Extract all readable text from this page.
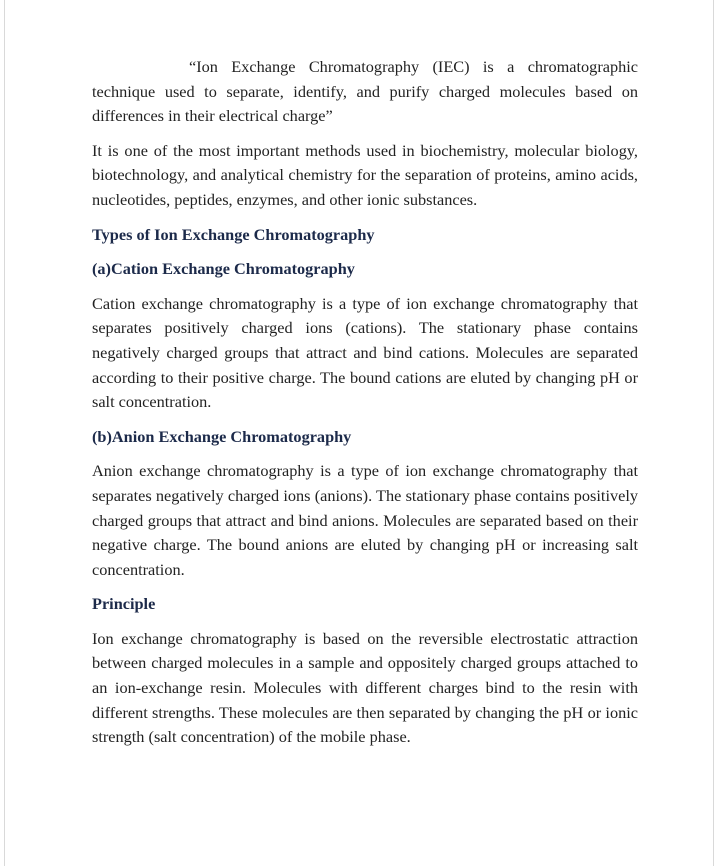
“Ion Exchange Chromatography (IEC) is a chromatographic technique used to separate, identify, and purify charged molecules based on differences in their electrical charge”

It is one of the most important methods used in biochemistry, molecular biology, biotechnology, and analytical chemistry for the separation of proteins, amino acids, nucleotides, peptides, enzymes, and other ionic substances.

Types of Ion Exchange Chromatography
(a)Cation Exchange Chromatography

Cation exchange chromatography is a type of ion exchange chromatography that separates positively charged ions (cations). The stationary phase contains negatively charged groups that attract and bind cations. Molecules are separated according to their positive charge. The bound cations are eluted by changing pH or salt concentration.

(b)Anion Exchange Chromatography

Anion exchange chromatography is a type of ion exchange chromatography that separates negatively charged ions (anions). The stationary phase contains positively charged groups that attract and bind anions. Molecules are separated based on their negative charge. The bound anions are eluted by changing pH or increasing salt concentration.

Principle

Ion exchange chromatography is based on the reversible electrostatic attraction between charged molecules in a sample and oppositely charged groups attached to an ion-exchange resin. Molecules with different charges bind to the resin with different strengths. These molecules are then separated by changing the pH or ionic strength (salt concentration) of the mobile phase.
